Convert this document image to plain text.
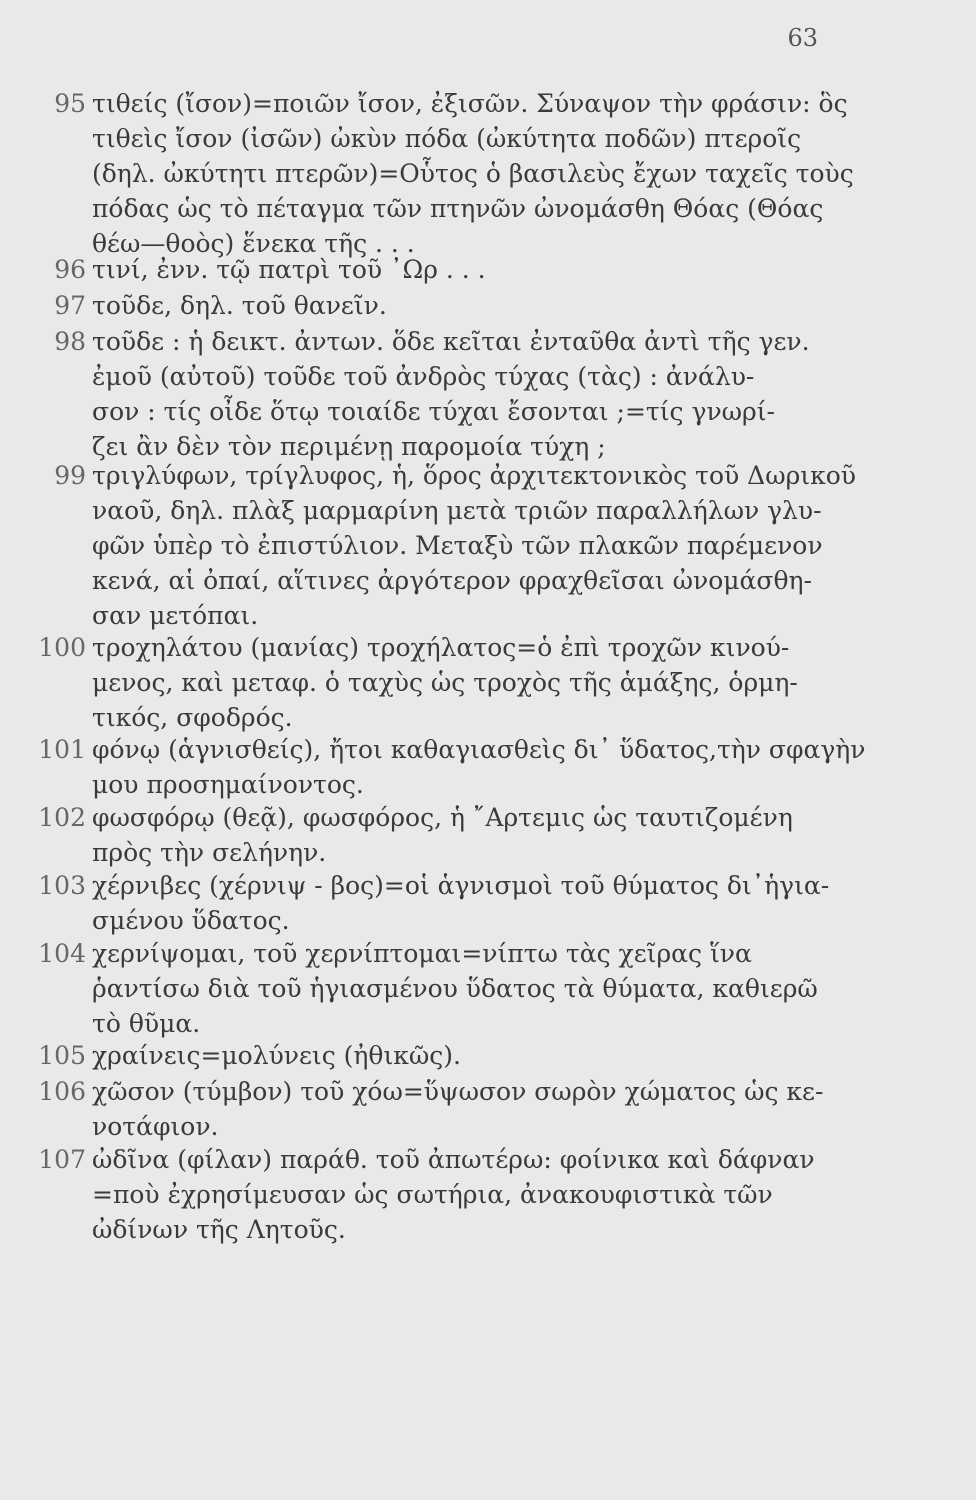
63
95 τιθείς (ἴσον)=ποιῶν ἴσον, ἐξισῶν. Σύναψον τὴν φράσιν: ὃς
τιθεὶς ἴσον (ἰσῶν) ὠκὺν πόδα (ὠκύτητα ποδῶν) πτεροῖς
(δηλ. ὠκύτητι πτερῶν)=Οὗτος ὁ βασιλεὺς ἔχων ταχεῖς τοὺς
πόδας ὡς τὸ πέταγμα τῶν πτηνῶν ὠνομάσθη Θόας (Θόας
θέω—θοὸς) ἕνεκα τῆς . . .
96 τινί, ἐνν. τῷ πατρὶ τοῦ ᾽Ωρ . . .
97 τοῦδε, δηλ. τοῦ θανεῖν.
98 τοῦδε : ἡ δεικτ. ἀντων. ὅδε κεῖται ἐνταῦθα ἀντὶ τῆς γεν.
ἐμοῦ (αὐτοῦ) τοῦδε τοῦ ἀνδρὸς τύχας (τὰς) : ἀνάλυ-
σον : τίς οἶδε ὅτῳ τοιαίδε τύχαι ἔσονται ;=τίς γνωρί-
ζει ἂν δὲν τὸν περιμένῃ παρομοία τύχη ;
99 τριγλύφων, τρίγλυφος, ἡ, ὅρος ἀρχιτεκτονικὸς τοῦ Δωρικοῦ
ναοῦ, δηλ. πλὰξ μαρμαρίνη μετὰ τριῶν παραλλήλων γλυ-
φῶν ὑπὲρ τὸ ἐπιστύλιον. Μεταξὺ τῶν πλακῶν παρέμενον
κενά, αἱ ὀπαί, αἵτινες ἀργότερον φραχθεῖσαι ὠνομάσθη-
σαν μετόπαι.
100 τροχηλάτου (μανίας) τροχήλατος=ὁ ἐπὶ τροχῶν κινού-
μενος, καὶ μεταφ. ὁ ταχὺς ὡς τροχὸς τῆς ἁμάξης, ὁρμη-
τικός, σφοδρός.
101 φόνῳ (ἁγνισθείς), ἤτοι καθαγιασθεὶς δι᾽ ὕδατος,τὴν σφαγὴν
μου προσημαίνοντος.
102 φωσφόρῳ (θεᾷ), φωσφόρος, ἡ ῎Αρτεμις ὡς ταυτιζομένη
πρὸς τὴν σελήνην.
103 χέρνιβες (χέρνιψ - βος)=οἱ ἁγνισμοὶ τοῦ θύματος δι᾽ἡγια-
σμένου ὕδατος.
104 χερνίψομαι, τοῦ χερνίπτομαι=νίπτω τὰς χεῖρας ἵνα
ῥαντίσω διὰ τοῦ ἡγιασμένου ὕδατος τὰ θύματα, καθιερῶ
τὸ θῦμα.
105 χραίνεις=μολύνεις (ἠθικῶς).
106 χῶσον (τύμβον) τοῦ χόω=ὕψωσον σωρὸν χώματος ὡς κε-
νοτάφιον.
107 ὠδῖνα (φίλαν) παράθ. τοῦ ἀπωτέρω: φοίνικα καὶ δάφναν
=ποὺ ἐχρησίμευσαν ὡς σωτήρια, ἀνακουφιστικὰ τῶν
ὠδίνων τῆς Λητοῦς.
